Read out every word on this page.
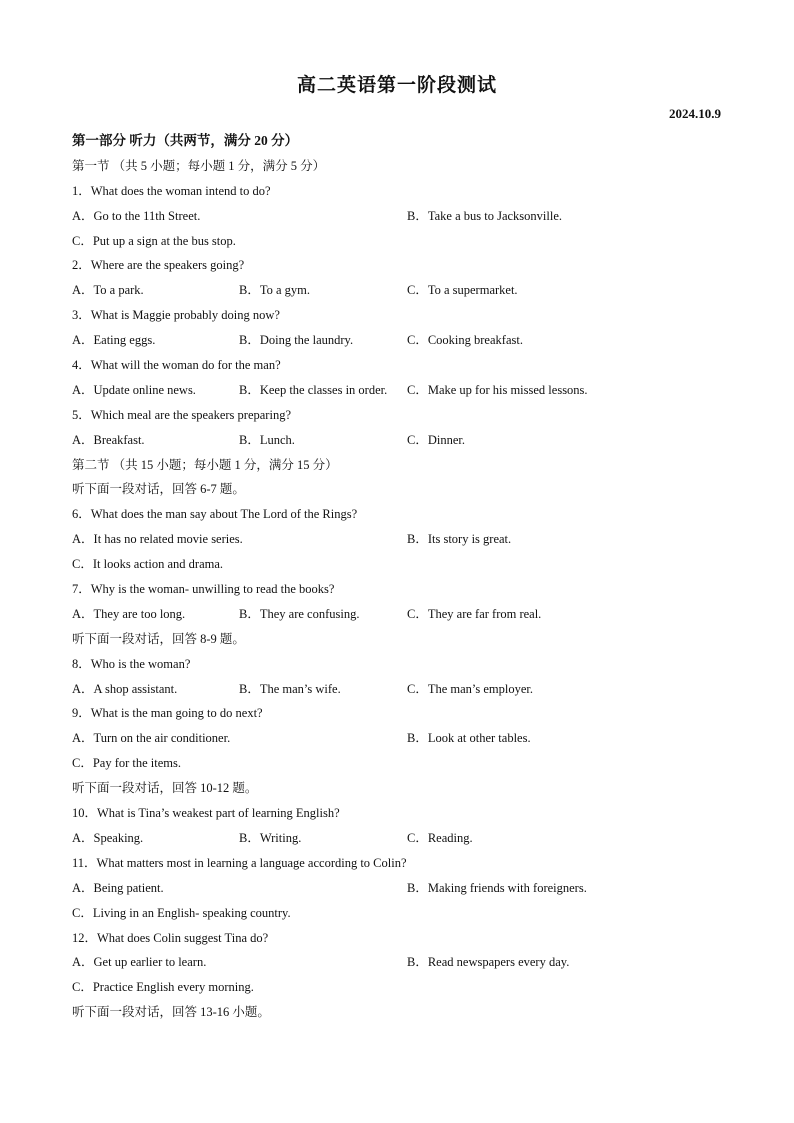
高二英语第一阶段测试
2024.10.9
第一部分 听力（共两节，满分 20 分）
第一节 （共 5 小题；每小题 1 分，满分 5 分）
1．What does the woman intend to do?
A．Go to the 11th Street.	B．Take a bus to Jacksonville.
C．Put up a sign at the bus stop.
2．Where are the speakers going?
A．To a park.	B．To a gym.	C．To a supermarket.
3．What is Maggie probably doing now?
A．Eating eggs.	B．Doing the laundry.	C．Cooking breakfast.
4．What will the woman do for the man?
A．Update online news.	B．Keep the classes in order. C．Make up for his missed lessons.
5．Which meal are the speakers preparing?
A．Breakfast.	B．Lunch.	C．Dinner.
第二节 （共 15 小题；每小题 1 分，满分 15 分）
听下面一段对话，回答 6-7 题。
6．What does the man say about The Lord of the Rings?
A．It has no related movie series.	B．Its story is great.
C．It looks action and drama.
7．Why is the woman- unwilling to read the books?
A．They are too long.	B．They are confusing.	C．They are far from real.
听下面一段对话，回答 8-9 题。
8．Who is the woman?
A．A shop assistant.	B．The man’s wife.	C．The man’s employer.
9．What is the man going to do next?
A．Turn on the air conditioner.	B．Look at other tables.
C．Pay for the items.
听下面一段对话，回答 10-12 题。
10．What is Tina’s weakest part of learning English?
A．Speaking.	B．Writing.	C．Reading.
11．What matters most in learning a language according to Colin?
A．Being patient.	B．Making friends with foreigners.
C．Living in an English- speaking country.
12．What does Colin suggest Tina do?
A．Get up earlier to learn.	B．Read newspapers every day.
C．Practice English every morning.
听下面一段对话，回答 13-16 小题。
